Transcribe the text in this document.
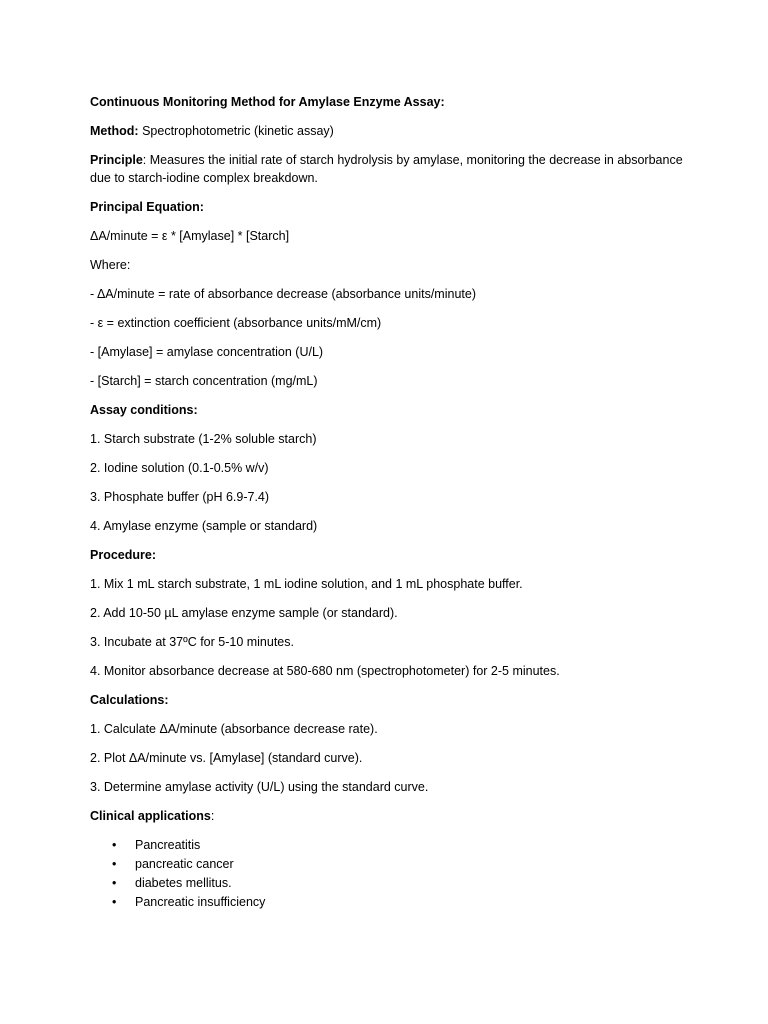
Continuous Monitoring Method for Amylase Enzyme Assay:

Method: Spectrophotometric (kinetic assay)

Principle: Measures the initial rate of starch hydrolysis by amylase, monitoring the decrease in absorbance due to starch-iodine complex breakdown.

Principal Equation:

ΔA/minute = ε * [Amylase] * [Starch]

Where:

- ΔA/minute = rate of absorbance decrease (absorbance units/minute)

- ε = extinction coefficient (absorbance units/mM/cm)

- [Amylase] = amylase concentration (U/L)

- [Starch] = starch concentration (mg/mL)

Assay conditions:

1. Starch substrate (1-2% soluble starch)

2. Iodine solution (0.1-0.5% w/v)

3. Phosphate buffer (pH 6.9-7.4)

4. Amylase enzyme (sample or standard)

Procedure:

1. Mix 1 mL starch substrate, 1 mL iodine solution, and 1 mL phosphate buffer.

2. Add 10-50 µL amylase enzyme sample (or standard).

3. Incubate at 37ºC for 5-10 minutes.

4. Monitor absorbance decrease at 580-680 nm (spectrophotometer) for 2-5 minutes.

Calculations:

1. Calculate ΔA/minute (absorbance decrease rate).

2. Plot ΔA/minute vs. [Amylase] (standard curve).

3. Determine amylase activity (U/L) using the standard curve.

Clinical applications:

• Pancreatitis
• pancreatic cancer
• diabetes mellitus.
• Pancreatic insufficiency
